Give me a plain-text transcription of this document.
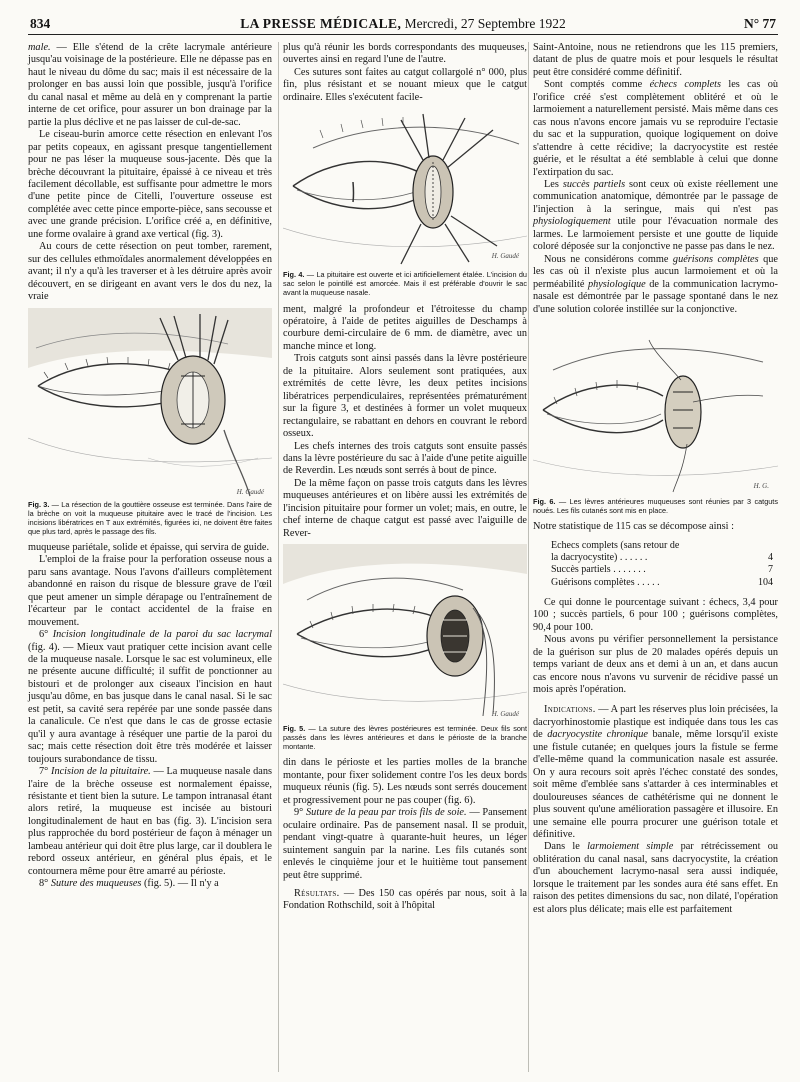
834	LA PRESSE MÉDICALE, Mercredi, 27 Septembre 1922	N° 77

male. — Elle s'étend de la crête lacrymale antérieure jusqu'au voisinage de la postérieure. Elle ne dépasse pas en haut le niveau du dôme du sac; mais il est nécessaire de la prolonger en bas aussi loin que possible, jusqu'à l'orifice du canal nasal et même au delà en y comprenant la partie interne de cet orifice, pour assurer un bon drainage par la partie la plus déclive et ne pas laisser de cul-de-sac.

Le ciseau-burin amorce cette résection en enlevant l'os par petits copeaux, en agissant presque tangentiellement pour ne pas léser la muqueuse sous-jacente. Dès que la brèche découvrant la pituitaire, épaissé à ce niveau et très facilement décollable, est suffisante pour admettre le mors d'une petite pince de Citelli, l'ouverture osseuse est complétée avec cette pince emporte-pièce, sans secousse et avec une grande précision. L'orifice créé a, en définitive, une forme ovalaire à grand axe vertical (fig. 3).

Au cours de cette résection on peut tomber, rarement, sur des cellules ethmoïdales anormalement développées en avant; il n'y a qu'à les traverser et à les détruire après avoir découvert, en se dirigeant en avant vers le dos du nez, la vraie

H. Gaudé
Fig. 3. — La résection de la gouttière osseuse est terminée. Dans l'aire de la brèche on voit la muqueuse pituitaire avec le tracé de l'incision. Les incisions libératrices en T aux extrémités, figurées ici, ne doivent être faites que plus tard, après le passage des fils.

muqueuse pariétale, solide et épaisse, qui servira de guide.

L'emploi de la fraise pour la perforation osseuse nous a paru sans avantage. Nous l'avons d'ailleurs complètement abandonné en raison du risque de blessure grave de l'œil que peut amener un simple dérapage ou l'entraînement de l'écarteur par le contact accidentel de la fraise en mouvement.

6° Incision longitudinale de la paroi du sac lacrymal (fig. 4). — Mieux vaut pratiquer cette incision avant celle de la muqueuse nasale. Lorsque le sac est volumineux, elle ne présente aucune difficulté; il suffit de ponctionner au bistouri et de prolonger aux ciseaux l'incision en haut jusqu'au dôme, en bas jusque dans le canal nasal. Si le sac est petit, sa cavité sera repérée par une sonde passée dans la canalicule. Ce n'est que dans le cas de grosse ectasie qu'il y aura avantage à réséquer une partie de la paroi du sac; mais cette résection doit être très modérée et laisser toujours surabondance de tissu.

7° Incision de la pituitaire. — La muqueuse nasale dans l'aire de la brèche osseuse est normalement épaisse, résistante et tient bien la suture. Le tampon intranasal étant alors retiré, la muqueuse est incisée au bistouri longitudinalement de haut en bas (fig. 3). L'incision sera plus rapprochée du bord postérieur de façon à ménager un lambeau antérieur qui doit être plus large, car il doublera le rebord osseux antérieur, en général plus épais, et le contournera même pour être amarré au périoste.

8° Suture des muqueuses (fig. 5). — Il n'y a

plus qu'à réunir les bords correspondants des muqueuses, ouvertes ainsi en regard l'une de l'autre.

Ces sutures sont faites au catgut collargolé n° 000, plus fin, plus résistant et se nouant mieux que le catgut ordinaire. Elles s'exécutent facile-

H. Gaudé
Fig. 4. — La pituitaire est ouverte et ici artificiellement étalée. L'incision du sac selon le pointillé est amorcée. Mais il est préférable d'ouvrir le sac avant la muqueuse nasale.

ment, malgré la profondeur et l'étroitesse du champ opératoire, à l'aide de petites aiguilles de Deschamps à courbure demi-circulaire de 6 mm. de diamètre, avec un manche mince et long.

Trois catguts sont ainsi passés dans la lèvre postérieure de la pituitaire. Alors seulement sont pratiquées, aux extrémités de cette lèvre, les deux petites incisions libératrices perpendiculaires, représentées prématurément sur la figure 3, et destinées à former un volet muqueux rectangulaire, se rabattant en dehors en couvrant le rebord osseux.

Les chefs internes des trois catguts sont ensuite passés dans la lèvre postérieure du sac à l'aide d'une petite aiguille de Reverdin. Les nœuds sont serrés à bout de pince.

De la même façon on passe trois catguts dans les lèvres muqueuses antérieures et on libère aussi les extrémités de l'incision pituitaire pour former un volet; mais, en outre, le chef interne de chaque catgut est passé avec l'aiguille de Rever-

H. Gaudé
Fig. 5. — La suture des lèvres postérieures est terminée. Deux fils sont passés dans les lèvres antérieures et dans le périoste de la branche montante.

din dans le périoste et les parties molles de la branche montante, pour fixer solidement contre l'os les deux bords muqueux réunis (fig. 5). Les nœuds sont serrés doucement et progressivement pour ne pas couper (fig. 6).

9° Suture de la peau par trois fils de soie. — Pansement oculaire ordinaire. Pas de pansement nasal. Il se produit, pendant vingt-quatre à quarante-huit heures, un léger suintement sanguin par la narine. Les fils cutanés sont enlevés le cinquième jour et le huitième tout pansement peut être supprimé.

Résultats. — Des 150 cas opérés par nous, soit à la Fondation Rothschild, soit à l'hôpital

Saint-Antoine, nous ne retiendrons que les 115 premiers, datant de plus de quatre mois et pour lesquels le résultat peut être considéré comme définitif.

Sont comptés comme échecs complets les cas où l'orifice créé s'est complètement oblitéré et où le larmoiement a naturellement persisté. Mais même dans ces cas nous n'avons encore jamais vu se reproduire l'ectasie du sac et la suppuration, quoique logiquement on doive s'attendre à cette récidive; la dacryocystite est restée guérie, et le résultat a été semblable à celui que donne l'extirpation du sac.

Les succès partiels sont ceux où existe réellement une communication anatomique, démontrée par le passage de l'injection à la seringue, mais qui n'est pas physiologiquement utile pour l'évacuation normale des larmes. Le larmoiement persiste et une goutte de liquide coloré déposée sur la conjonctive ne passe pas dans le nez.

Nous ne considérons comme guérisons complètes que les cas où il n'existe plus aucun larmoiement et où la perméabilité physiologique de la communication lacrymo-nasale est démontrée par le passage spontané dans le nez d'une solution colorée instillée sur la conjonctive.

H. G.
Fig. 6. — Les lèvres antérieures muqueuses sont réunies par 3 catguts noués. Les fils cutanés sont mis en place.

Notre statistique de 115 cas se décompose ainsi :

Echecs complets (sans retour de
la dacryocystite) . . . . . .	4
Succès partiels . . . . . . .	7
Guérisons complètes . . . . .	104

Ce qui donne le pourcentage suivant : échecs, 3,4 pour 100 ; succès partiels, 6 pour 100 ; guérisons complètes, 90,4 pour 100.

Nous avons pu vérifier personnellement la persistance de la guérison sur plus de 20 malades opérés depuis un temps variant de deux ans et demi à un an, et dans aucun cas encore nous n'avons vu survenir de récidive passé un mois après l'opération.

Indications. — A part les réserves plus loin précisées, la dacryorhinostomie plastique est indiquée dans tous les cas de dacryocystite chronique banale, même lorsqu'il existe une fistule cutanée; en quelques jours la fistule se ferme d'elle-même quand la communication nasale est assurée. On y aura recours soit après l'échec constaté des sondes, soit même d'emblée sans s'attarder à ces interminables et douloureuses séances de cathétérisme qui ne donnent le plus souvent qu'une amélioration passagère et illusoire. En une semaine elle pourra procurer une guérison totale et définitive.

Dans le larmoiement simple par rétrécissement ou oblitération du canal nasal, sans dacryocystite, la création d'un abouchement lacrymo-nasal sera aussi indiquée, lorsque le traitement par les sondes aura été sans effet. En raison des petites dimensions du sac, non dilaté, l'opération est alors plus délicate; mais elle est parfaitement
